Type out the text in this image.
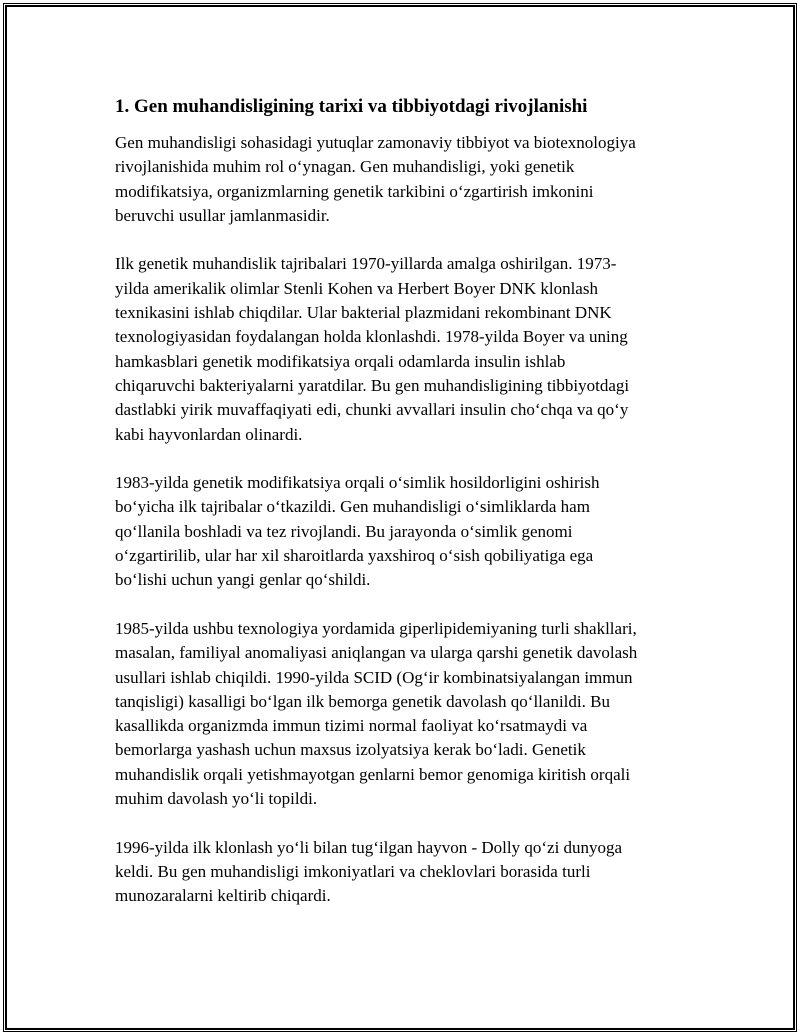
1. Gen muhandisligining tarixi va tibbiyotdagi rivojlanishi

Gen muhandisligi sohasidagi yutuqlar zamonaviy tibbiyot va biotexnologiya
rivojlanishida muhim rol o‘ynagan. Gen muhandisligi, yoki genetik
modifikatsiya, organizmlarning genetik tarkibini o‘zgartirish imkonini
beruvchi usullar jamlanmasidir.

Ilk genetik muhandislik tajribalari 1970-yillarda amalga oshirilgan. 1973-
yilda amerikalik olimlar Stenli Kohen va Herbert Boyer DNK klonlash
texnikasini ishlab chiqdilar. Ular bakterial plazmidani rekombinant DNK
texnologiyasidan foydalangan holda klonlashdi. 1978-yilda Boyer va uning
hamkasblari genetik modifikatsiya orqali odamlarda insulin ishlab
chiqaruvchi bakteriyalarni yaratdilar. Bu gen muhandisligining tibbiyotdagi
dastlabki yirik muvaffaqiyati edi, chunki avvallari insulin cho‘chqa va qo‘y
kabi hayvonlardan olinardi.

1983-yilda genetik modifikatsiya orqali o‘simlik hosildorligini oshirish
bo‘yicha ilk tajribalar o‘tkazildi. Gen muhandisligi o‘simliklarda ham
qo‘llanila boshladi va tez rivojlandi. Bu jarayonda o‘simlik genomi
o‘zgartirilib, ular har xil sharoitlarda yaxshiroq o‘sish qobiliyatiga ega
bo‘lishi uchun yangi genlar qo‘shildi.

1985-yilda ushbu texnologiya yordamida giperlipidemiyaning turli shakllari,
masalan, familiyal anomaliyasi aniqlangan va ularga qarshi genetik davolash
usullari ishlab chiqildi. 1990-yilda SCID (Og‘ir kombinatsiyalangan immun
tanqisligi) kasalligi bo‘lgan ilk bemorga genetik davolash qo‘llanildi. Bu
kasallikda organizmda immun tizimi normal faoliyat ko‘rsatmaydi va
bemorlarga yashash uchun maxsus izolyatsiya kerak bo‘ladi. Genetik
muhandislik orqali yetishmayotgan genlarni bemor genomiga kiritish orqali
muhim davolash yo‘li topildi.

1996-yilda ilk klonlash yo‘li bilan tug‘ilgan hayvon - Dolly qo‘zi dunyoga
keldi. Bu gen muhandisligi imkoniyatlari va cheklovlari borasida turli
munozaralarni keltirib chiqardi.
